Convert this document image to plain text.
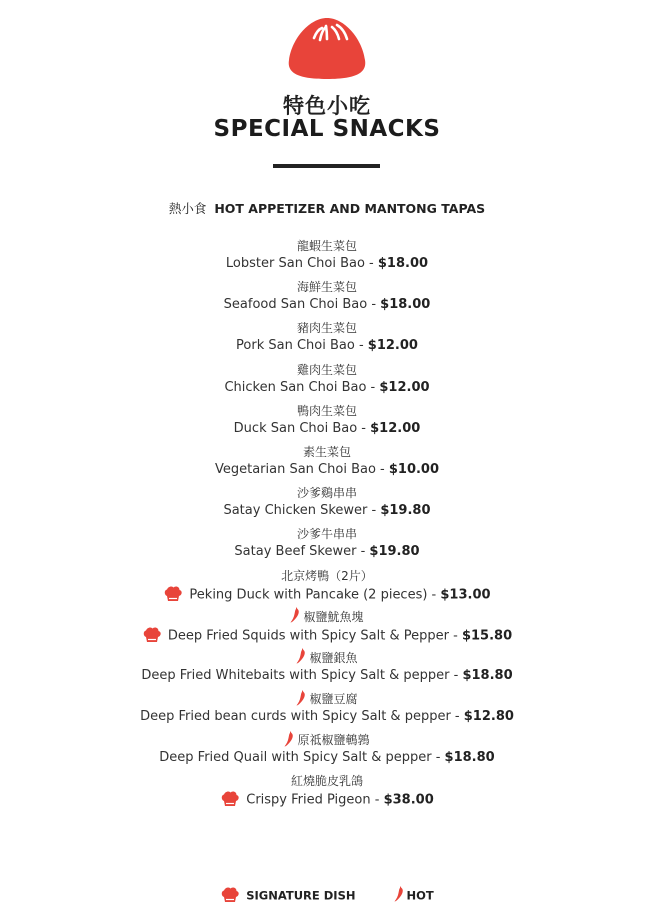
特色小吃
SPECIAL SNACKS
熱小食 HOT APPETIZER AND MANTONG TAPAS
龍蝦生菜包
Lobster San Choi Bao - $18.00
海鮮生菜包
Seafood San Choi Bao - $18.00
豬肉生菜包
Pork San Choi Bao - $12.00
雞肉生菜包
Chicken San Choi Bao - $12.00
鴨肉生菜包
Duck San Choi Bao - $12.00
素生菜包
Vegetarian San Choi Bao - $10.00
沙爹鷄串串
Satay Chicken Skewer - $19.80
沙爹牛串串
Satay Beef Skewer - $19.80
北京烤鴨（2片）
Peking Duck with Pancake (2 pieces) - $13.00
椒鹽魷魚塊
Deep Fried Squids with Spicy Salt & Pepper - $15.80
椒鹽銀魚
Deep Fried Whitebaits with Spicy Salt & pepper - $18.80
椒鹽豆腐
Deep Fried bean curds with Spicy Salt & pepper - $12.80
原祗椒鹽鵪鶉
Deep Fried Quail with Spicy Salt & pepper - $18.80
紅燒脆皮乳鴿
Crispy Fried Pigeon - $38.00
SIGNATURE DISH	HOT
